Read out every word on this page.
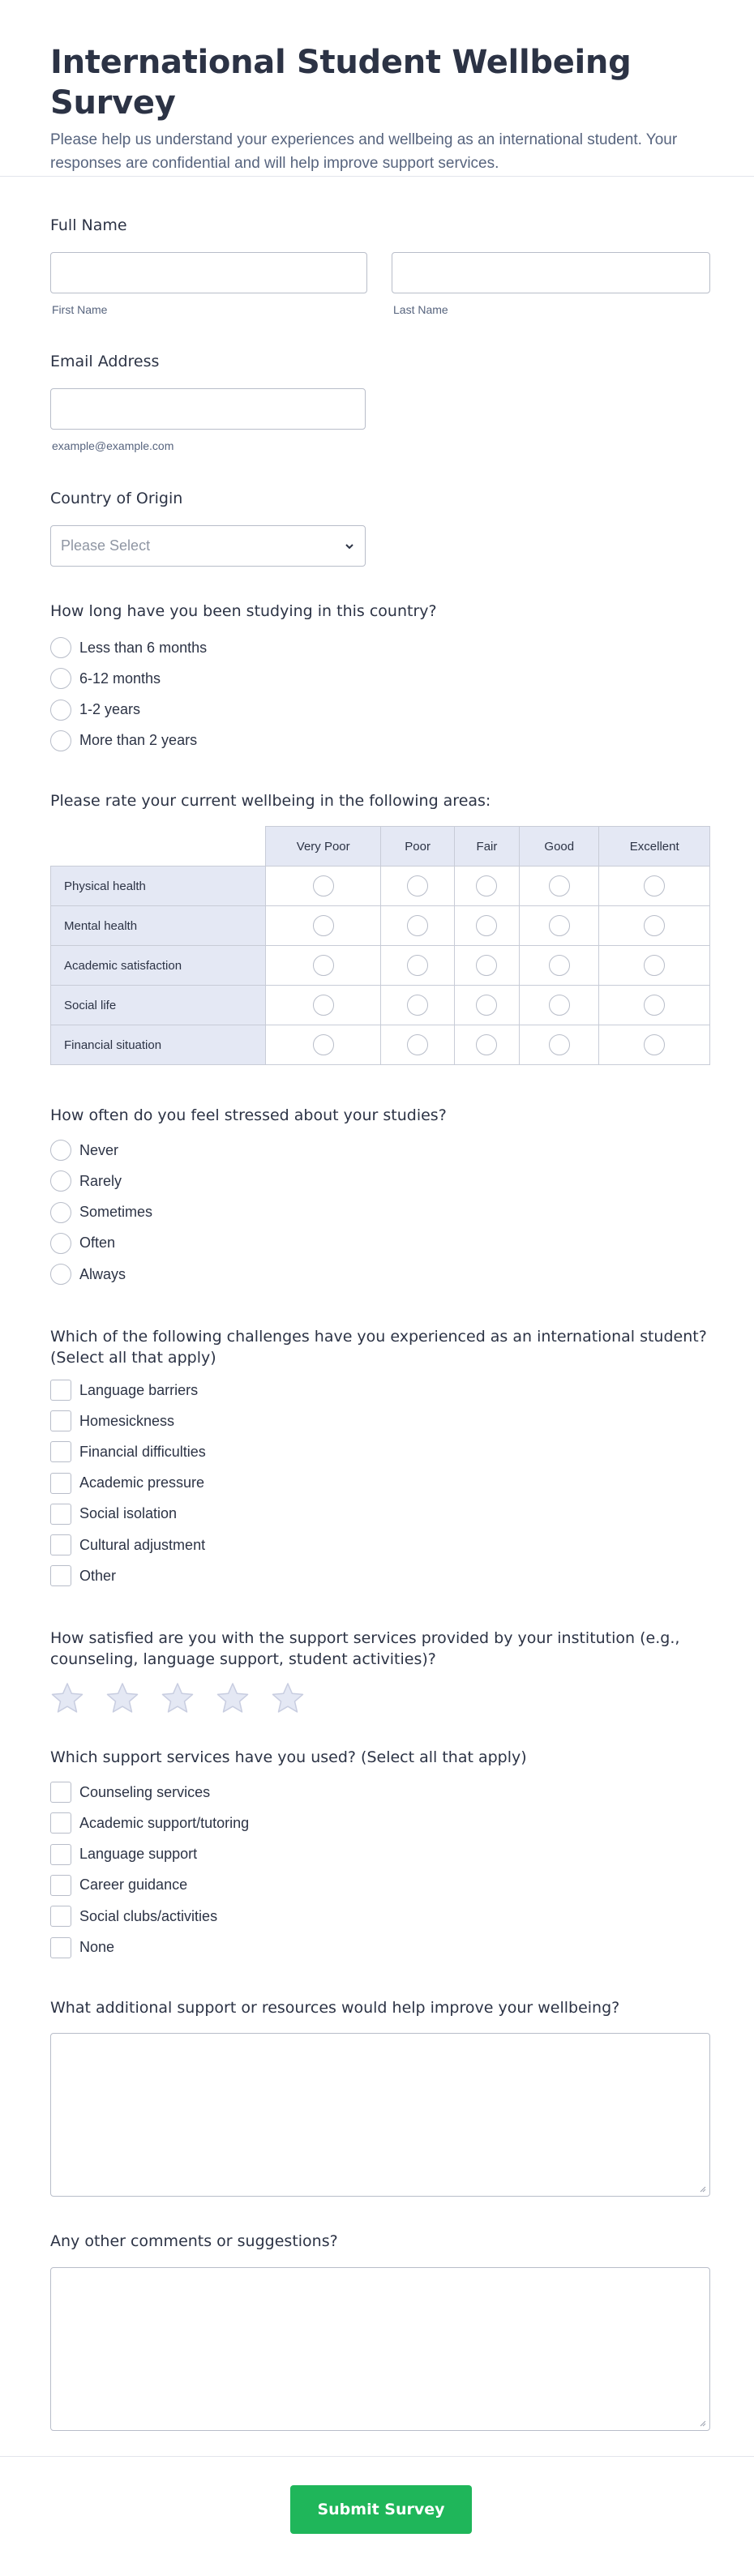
International Student Wellbeing Survey

Please help us understand your experiences and wellbeing as an international student. Your responses are confidential and will help improve support services.

Full Name
First Name	Last Name
Email Address
example@example.com
Country of Origin
Please Select
How long have you been studying in this country?
Less than 6 months
6-12 months
1-2 years
More than 2 years
Please rate your current wellbeing in the following areas:
	Very Poor	Poor	Fair	Good	Excellent
Physical health					
Mental health					
Academic satisfaction					
Social life					
Financial situation					
How often do you feel stressed about your studies?
Never
Rarely
Sometimes
Often
Always
Which of the following challenges have you experienced as an international student? (Select all that apply)
Language barriers
Homesickness
Financial difficulties
Academic pressure
Social isolation
Cultural adjustment
Other
How satisfied are you with the support services provided by your institution (e.g., counseling, language support, student activities)?
Which support services have you used? (Select all that apply)
Counseling services
Academic support/tutoring
Language support
Career guidance
Social clubs/activities
None
What additional support or resources would help improve your wellbeing?
Any other comments or suggestions?
Submit Survey
